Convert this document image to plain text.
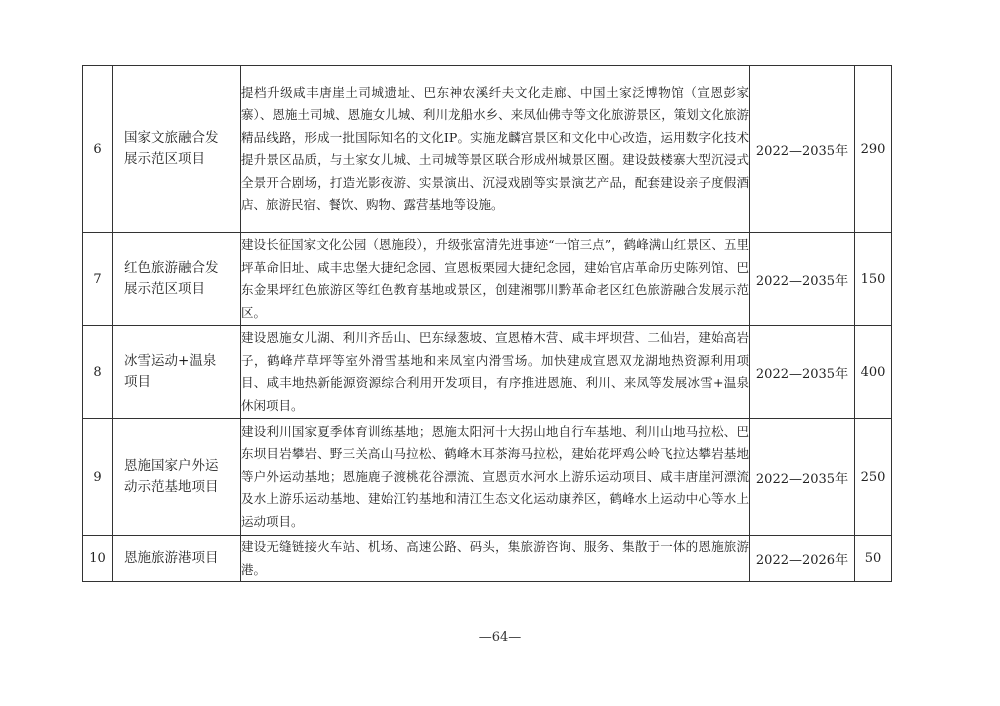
6	国家文旅融合发展示范区项目	提档升级咸丰唐崖土司城遗址、巴东神农溪纤夫文化走廊、中国土家泛博物馆（宣恩彭家寨）、恩施土司城、恩施女儿城、利川龙船水乡、来凤仙佛寺等文化旅游景区，策划文化旅游精品线路，形成一批国际知名的文化IP。实施龙麟宫景区和文化中心改造，运用数字化技术提升景区品质，与土家女儿城、土司城等景区联合形成州城景区圈。建设鼓楼寨大型沉浸式全景开合剧场，打造光影夜游、实景演出、沉浸戏剧等实景演艺产品，配套建设亲子度假酒店、旅游民宿、餐饮、购物、露营基地等设施。	2022—2035年	290
7	红色旅游融合发展示范区项目	建设长征国家文化公园（恩施段），升级张富清先进事迹“一馆三点”，鹤峰满山红景区、五里坪革命旧址、咸丰忠堡大捷纪念园、宣恩板栗园大捷纪念园，建始官店革命历史陈列馆、巴东金果坪红色旅游区等红色教育基地或景区，创建湘鄂川黔革命老区红色旅游融合发展示范区。	2022—2035年	150
8	冰雪运动+温泉项目	建设恩施女儿湖、利川齐岳山、巴东绿葱坡、宣恩椿木营、咸丰坪坝营、二仙岩，建始高岩子，鹤峰芹草坪等室外滑雪基地和来凤室内滑雪场。加快建成宣恩双龙湖地热资源利用项目、咸丰地热新能源资源综合利用开发项目，有序推进恩施、利川、来凤等发展冰雪+温泉休闲项目。	2022—2035年	400
9	恩施国家户外运动示范基地项目	建设利川国家夏季体育训练基地；恩施太阳河十大拐山地自行车基地、利川山地马拉松、巴东坝目岩攀岩、野三关高山马拉松、鹤峰木耳茶海马拉松，建始花坪鸡公岭飞拉达攀岩基地等户外运动基地；恩施鹿子渡桃花谷漂流、宣恩贡水河水上游乐运动项目、咸丰唐崖河漂流及水上游乐运动基地、建始江钓基地和清江生态文化运动康养区，鹤峰水上运动中心等水上运动项目。	2022—2035年	250
10	恩施旅游港项目	建设无缝链接火车站、机场、高速公路、码头，集旅游咨询、服务、集散于一体的恩施旅游港。	2022—2026年	50
—64—
